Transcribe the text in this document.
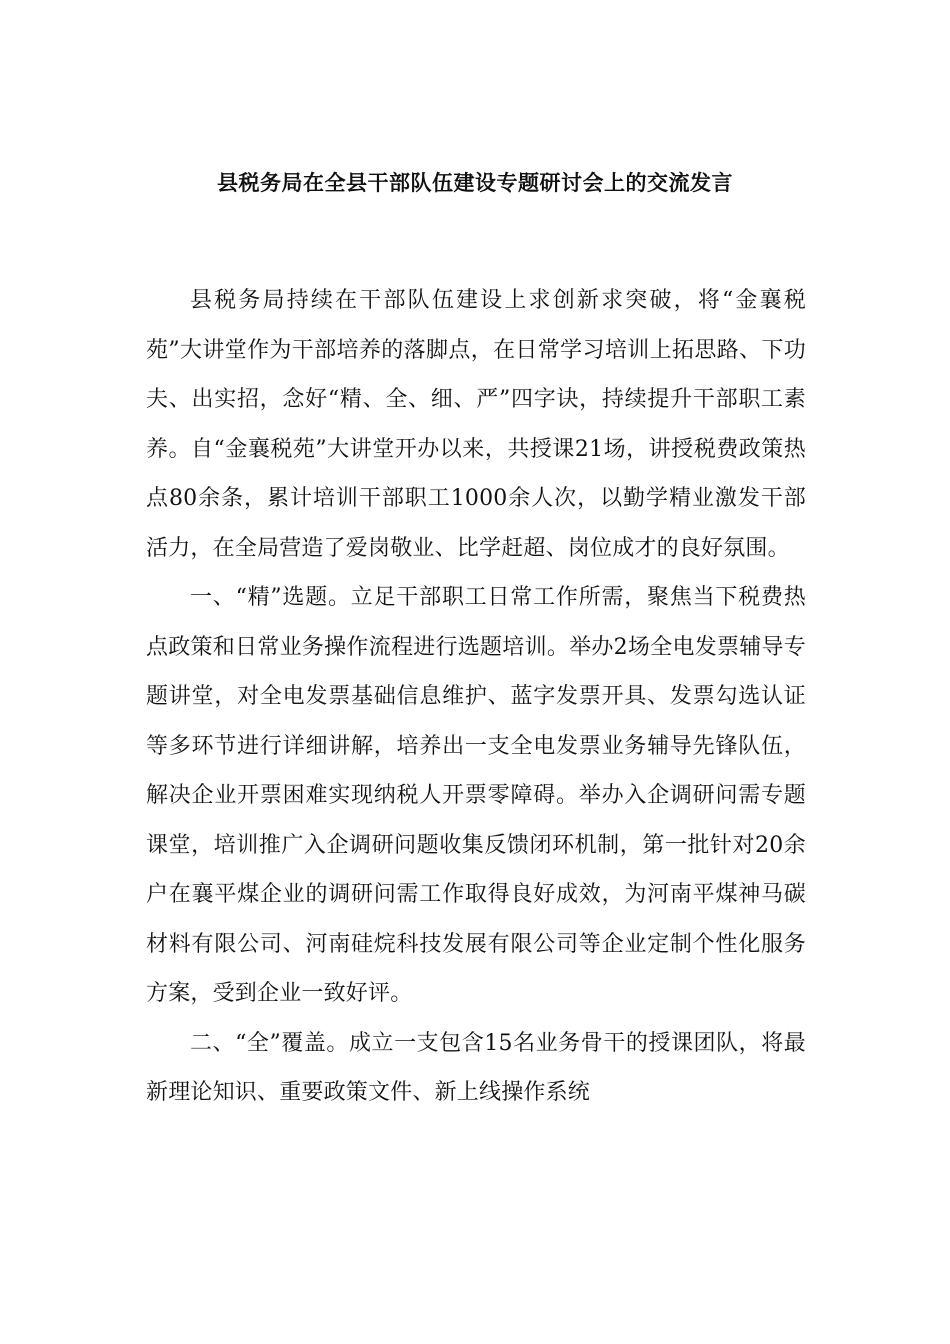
县税务局在全县干部队伍建设专题研讨会上的交流发言

县税务局持续在干部队伍建设上求创新求突破，将“金襄税苑”大讲堂作为干部培养的落脚点，在日常学习培训上拓思路、下功夫、出实招，念好“精、全、细、严”四字诀，持续提升干部职工素养。自“金襄税苑”大讲堂开办以来，共授课21场，讲授税费政策热点80余条，累计培训干部职工1000余人次，以勤学精业激发干部活力，在全局营造了爱岗敬业、比学赶超、岗位成才的良好氛围。

一、“精”选题。立足干部职工日常工作所需，聚焦当下税费热点政策和日常业务操作流程进行选题培训。举办2场全电发票辅导专题讲堂，对全电发票基础信息维护、蓝字发票开具、发票勾选认证等多环节进行详细讲解，培养出一支全电发票业务辅导先锋队伍，解决企业开票困难实现纳税人开票零障碍。举办入企调研问需专题课堂，培训推广入企调研问题收集反馈闭环机制，第一批针对20余户在襄平煤企业的调研问需工作取得良好成效，为河南平煤神马碳材料有限公司、河南硅烷科技发展有限公司等企业定制个性化服务方案，受到企业一致好评。

二、“全”覆盖。成立一支包含15名业务骨干的授课团队，将最新理论知识、重要政策文件、新上线操作系统
